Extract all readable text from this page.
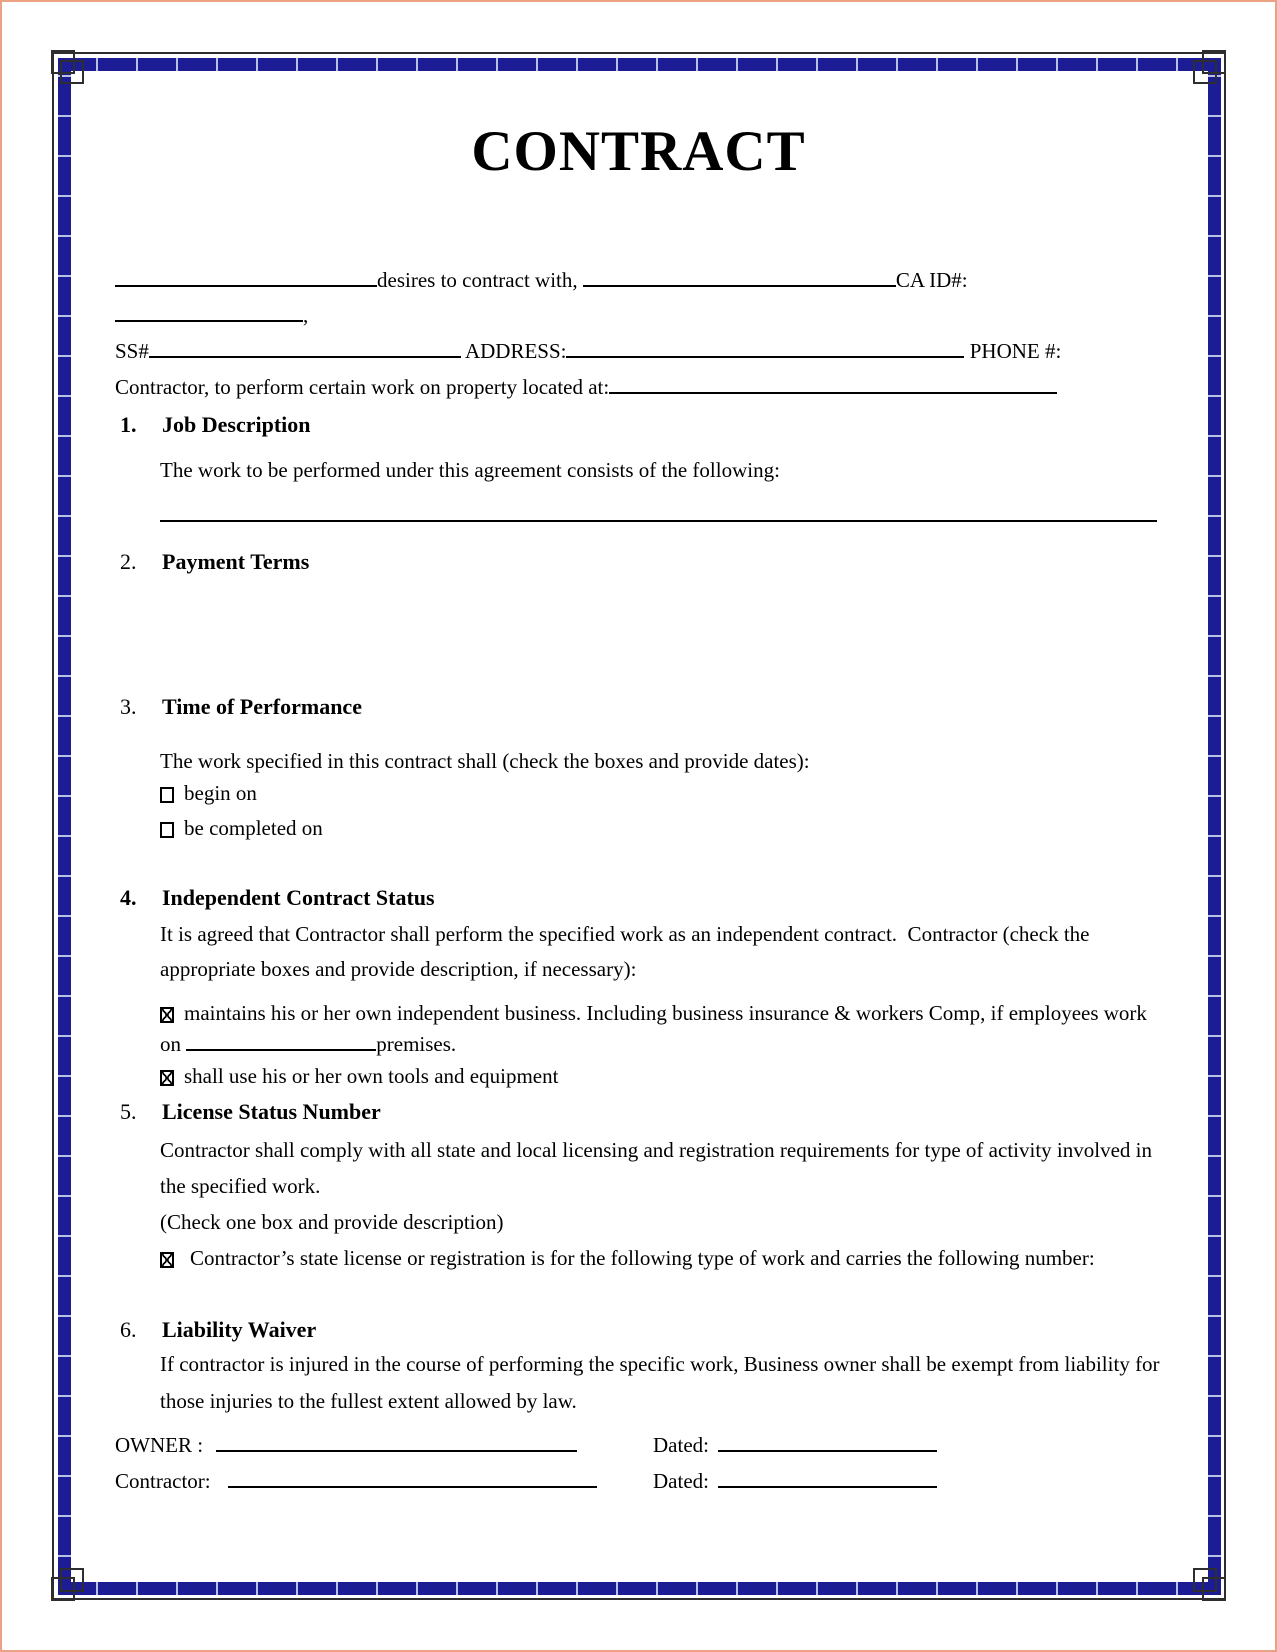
CONTRACT
desires to contract with,	CA ID#:
,
SS#	ADDRESS:	PHONE #:
Contractor, to perform certain work on property located at:
1. Job Description
The work to be performed under this agreement consists of the following:
2. Payment Terms
3. Time of Performance
The work specified in this contract shall (check the boxes and provide dates):
begin on
be completed on
4. Independent Contract Status
It is agreed that Contractor shall perform the specified work as an independent contract.  Contractor (check the
appropriate boxes and provide description, if necessary):
maintains his or her own independent business. Including business insurance & workers Comp, if employees work
on	premises.
shall use his or her own tools and equipment
5. License Status Number
Contractor shall comply with all state and local licensing and registration requirements for type of activity involved in
the specified work.
(Check one box and provide description)
Contractor’s state license or registration is for the following type of work and carries the following number:
6. Liability Waiver
If contractor is injured in the course of performing the specific work, Business owner shall be exempt from liability for
those injuries to the fullest extent allowed by law.
OWNER :	Dated:
Contractor:	Dated:
